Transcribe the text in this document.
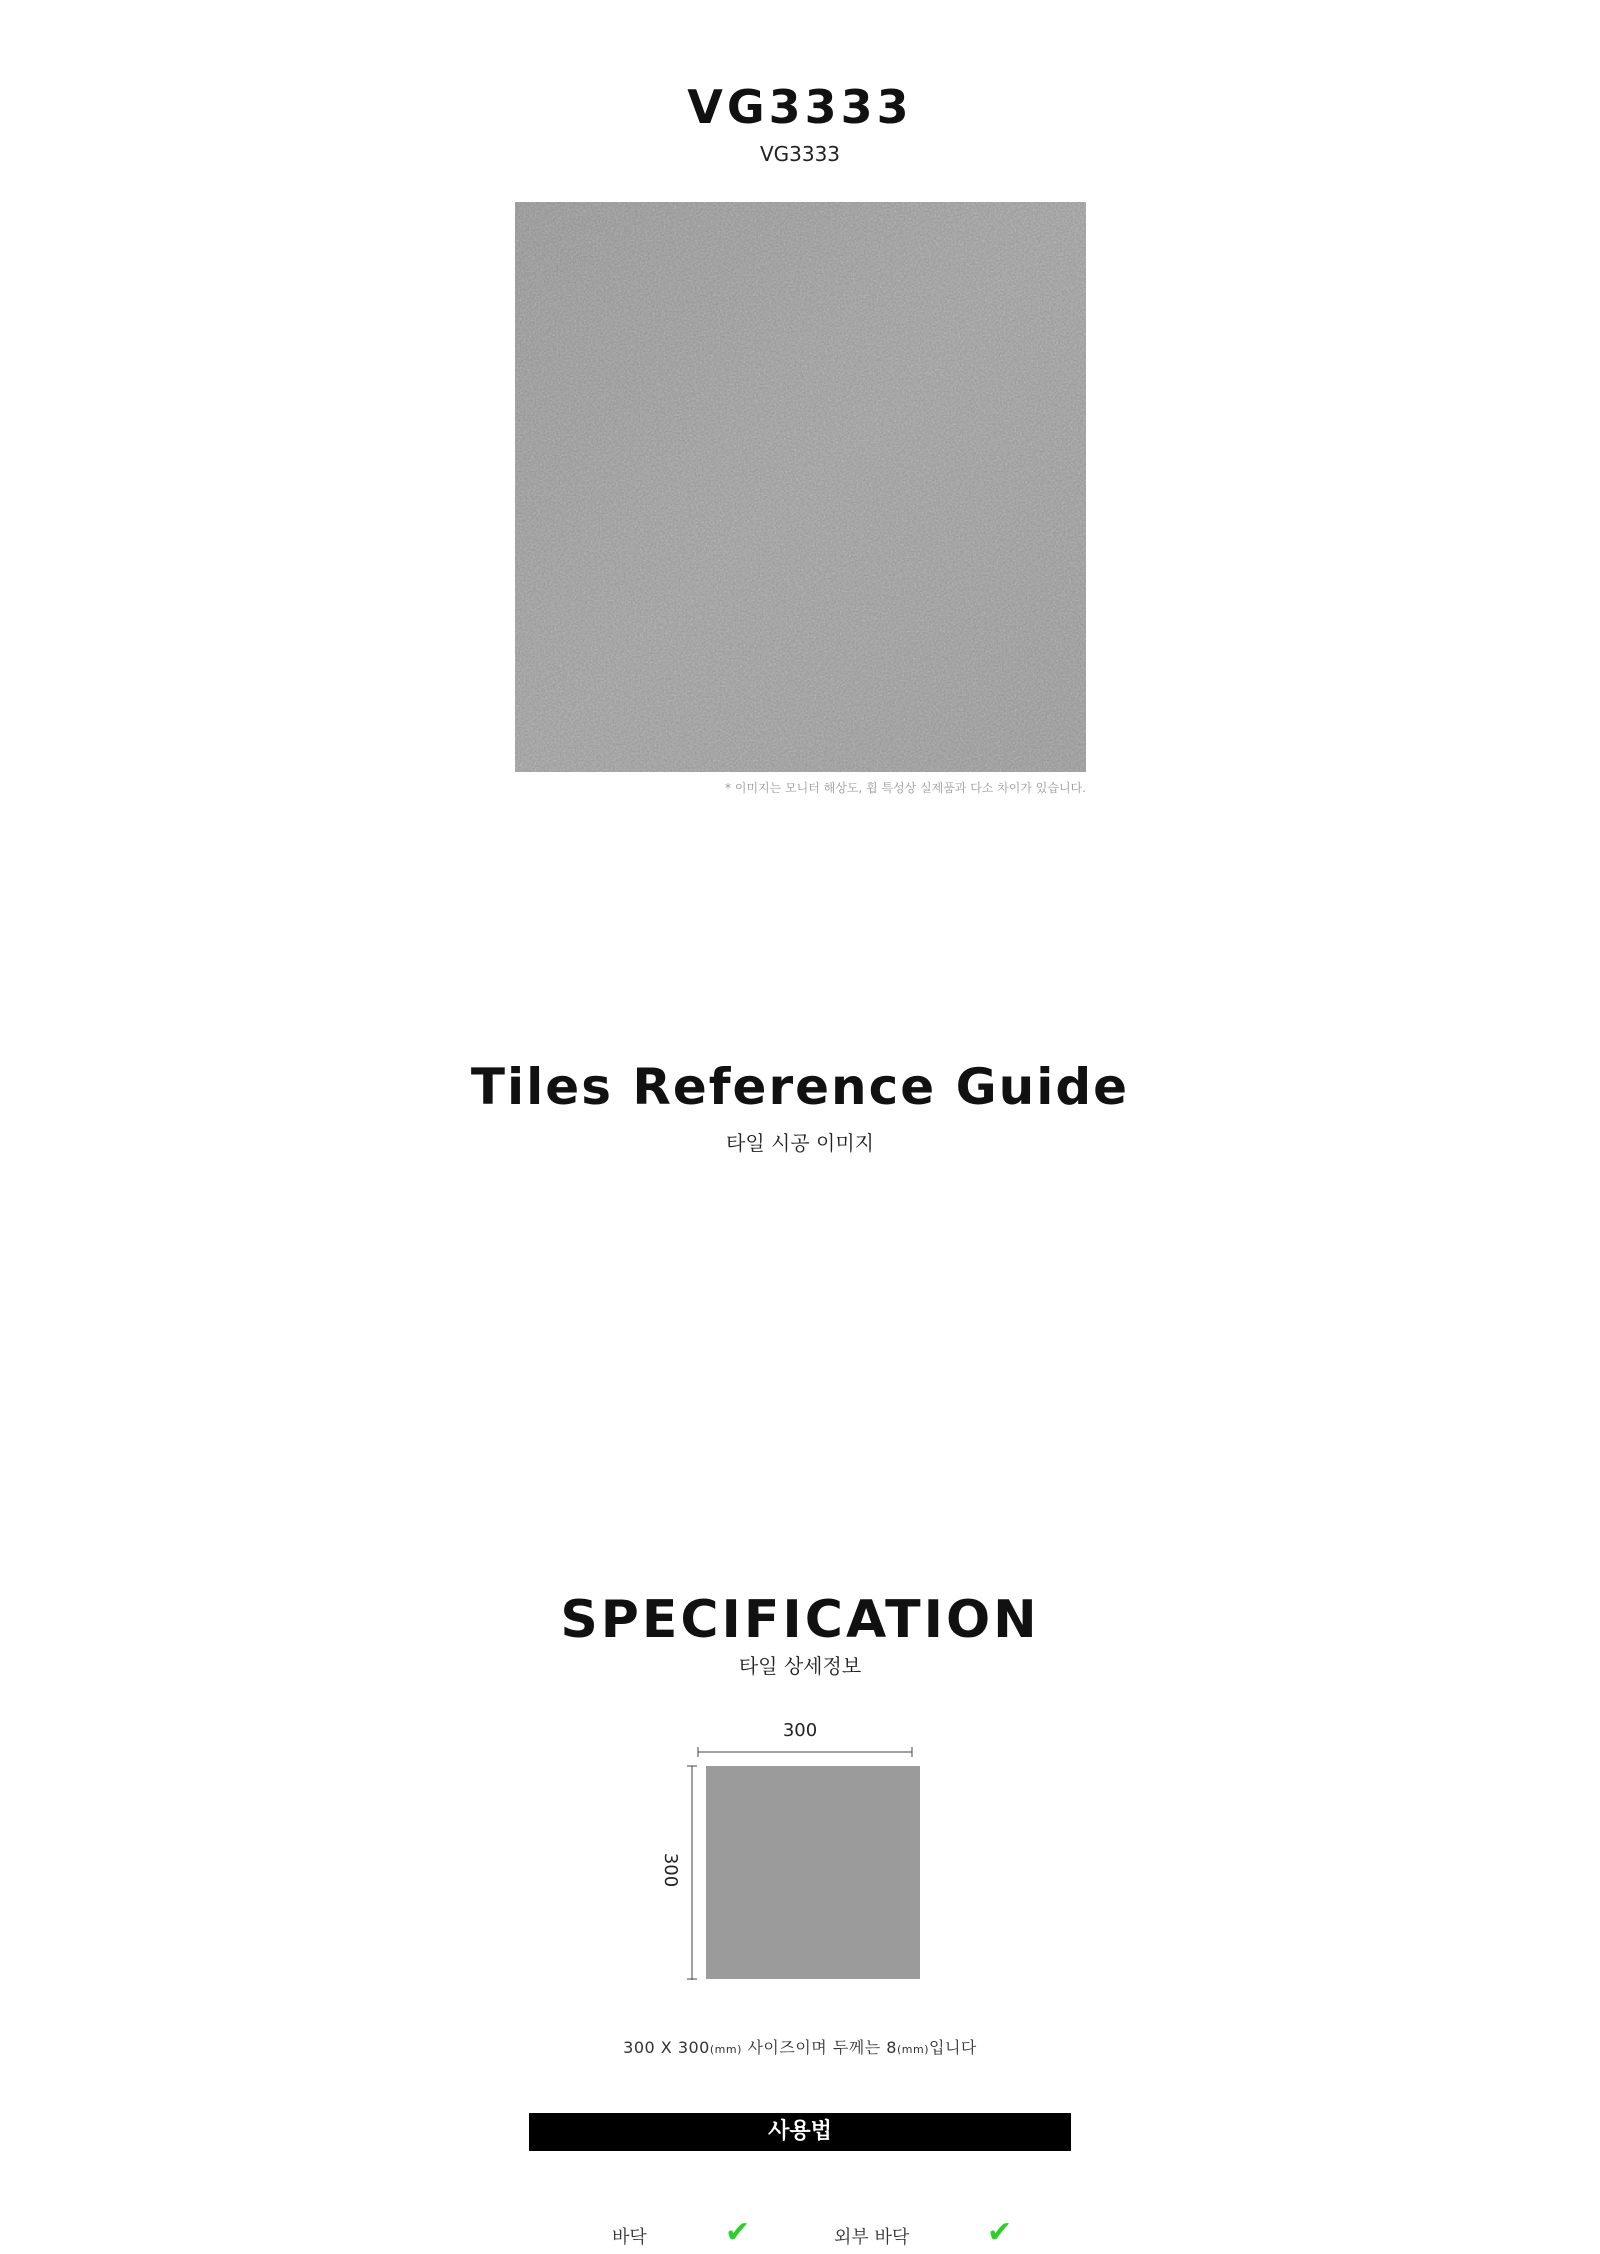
VG3333
VG3333
* 이미지는 모니터 해상도, 휩 특성상 실제품과 다소 차이가 있습니다.
Tiles Reference Guide
타일 시공 이미지
SPECIFICATION
타일 상세정보
300
300
300 X 300(mm) 사이즈이며 두께는 8(mm)입니다
사용법
바닥	✔	외부 바닥	✔
